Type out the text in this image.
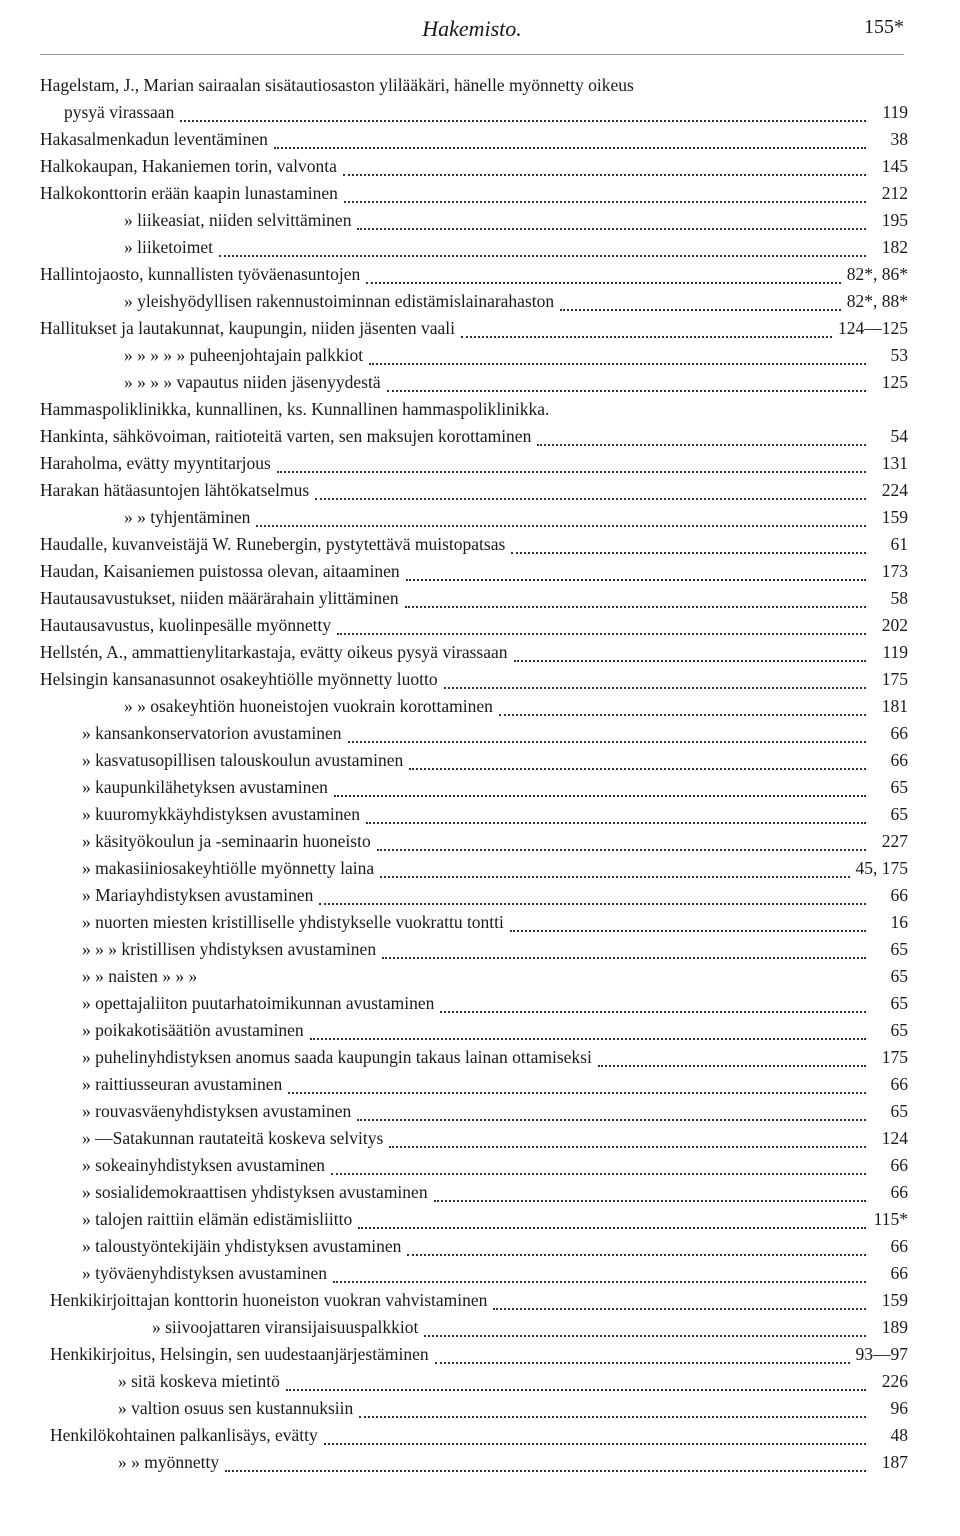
Hakemisto.	155*
Hagelstam, J., Marian sairaalan sisätautiosaston ylilääkäri, hänelle myönnetty oikeus
pysyä virassaan	119
Hakasalmenkadun leventäminen	38
Halkokaupan, Hakaniemen torin, valvonta	145
Halkokonttorin erään kaapin lunastaminen	212
» liikeasiat, niiden selvittäminen	195
» liiketoimet	182
Hallintojaosto, kunnallisten työväenasuntojen	82*, 86*
» yleishyödyllisen rakennustoiminnan edistämislainarahaston	82*, 88*
Hallitukset ja lautakunnat, kaupungin, niiden jäsenten vaali	124—125
» » » » » puheenjohtajain palkkiot	53
» » » » vapautus niiden jäsenyydestä	125
Hammaspoliklinikka, kunnallinen, ks. Kunnallinen hammaspoliklinikka.
Hankinta, sähkövoiman, raitioteitä varten, sen maksujen korottaminen	54
Haraholma, evätty myyntitarjous	131
Harakan hätäasuntojen lähtökatselmus	224
» » tyhjentäminen	159
Haudalle, kuvanveistäjä W. Runebergin, pystytettävä muistopatsas	61
Haudan, Kaisaniemen puistossa olevan, aitaaminen	173
Hautausavustukset, niiden määrärahain ylittäminen	58
Hautausavustus, kuolinpesälle myönnetty	202
Hellstén, A., ammattienylitarkastaja, evätty oikeus pysyä virassaan	119
Helsingin kansanasunnot osakeyhtiölle myönnetty luotto	175
» » osakeyhtiön huoneistojen vuokrain korottaminen	181
» kansankonservatorion avustaminen	66
» kasvatusopillisen talouskoulun avustaminen	66
» kaupunkilähetyksen avustaminen	65
» kuuromykkäyhdistyksen avustaminen	65
» käsityökoulun ja -seminaarin huoneisto	227
» makasiiniosakeyhtiölle myönnetty laina	45, 175
» Mariayhdistyksen avustaminen	66
» nuorten miesten kristilliselle yhdistykselle vuokrattu tontti	16
» » » kristillisen yhdistyksen avustaminen	65
» » naisten » » »	65
» opettajaliiton puutarhatoimikunnan avustaminen	65
» poikakotisäätiön avustaminen	65
» puhelinyhdistyksen anomus saada kaupungin takaus lainan ottamiseksi	175
» raittiusseuran avustaminen	66
» rouvasväenyhdistyksen avustaminen	65
» —Satakunnan rautateitä koskeva selvitys	124
» sokeainyhdistyksen avustaminen	66
» sosialidemokraattisen yhdistyksen avustaminen	66
» talojen raittiin elämän edistämisliitto	115*
» taloustyöntekijäin yhdistyksen avustaminen	66
» työväenyhdistyksen avustaminen	66
Henkikirjoittajan konttorin huoneiston vuokran vahvistaminen	159
» siivoojattaren viransijaisuuspalkkiot	189
Henkikirjoitus, Helsingin, sen uudestaanjärjestäminen	93—97
» sitä koskeva mietintö	226
» valtion osuus sen kustannuksiin	96
Henkilökohtainen palkanlisäys, evätty	48
» » myönnetty	187
